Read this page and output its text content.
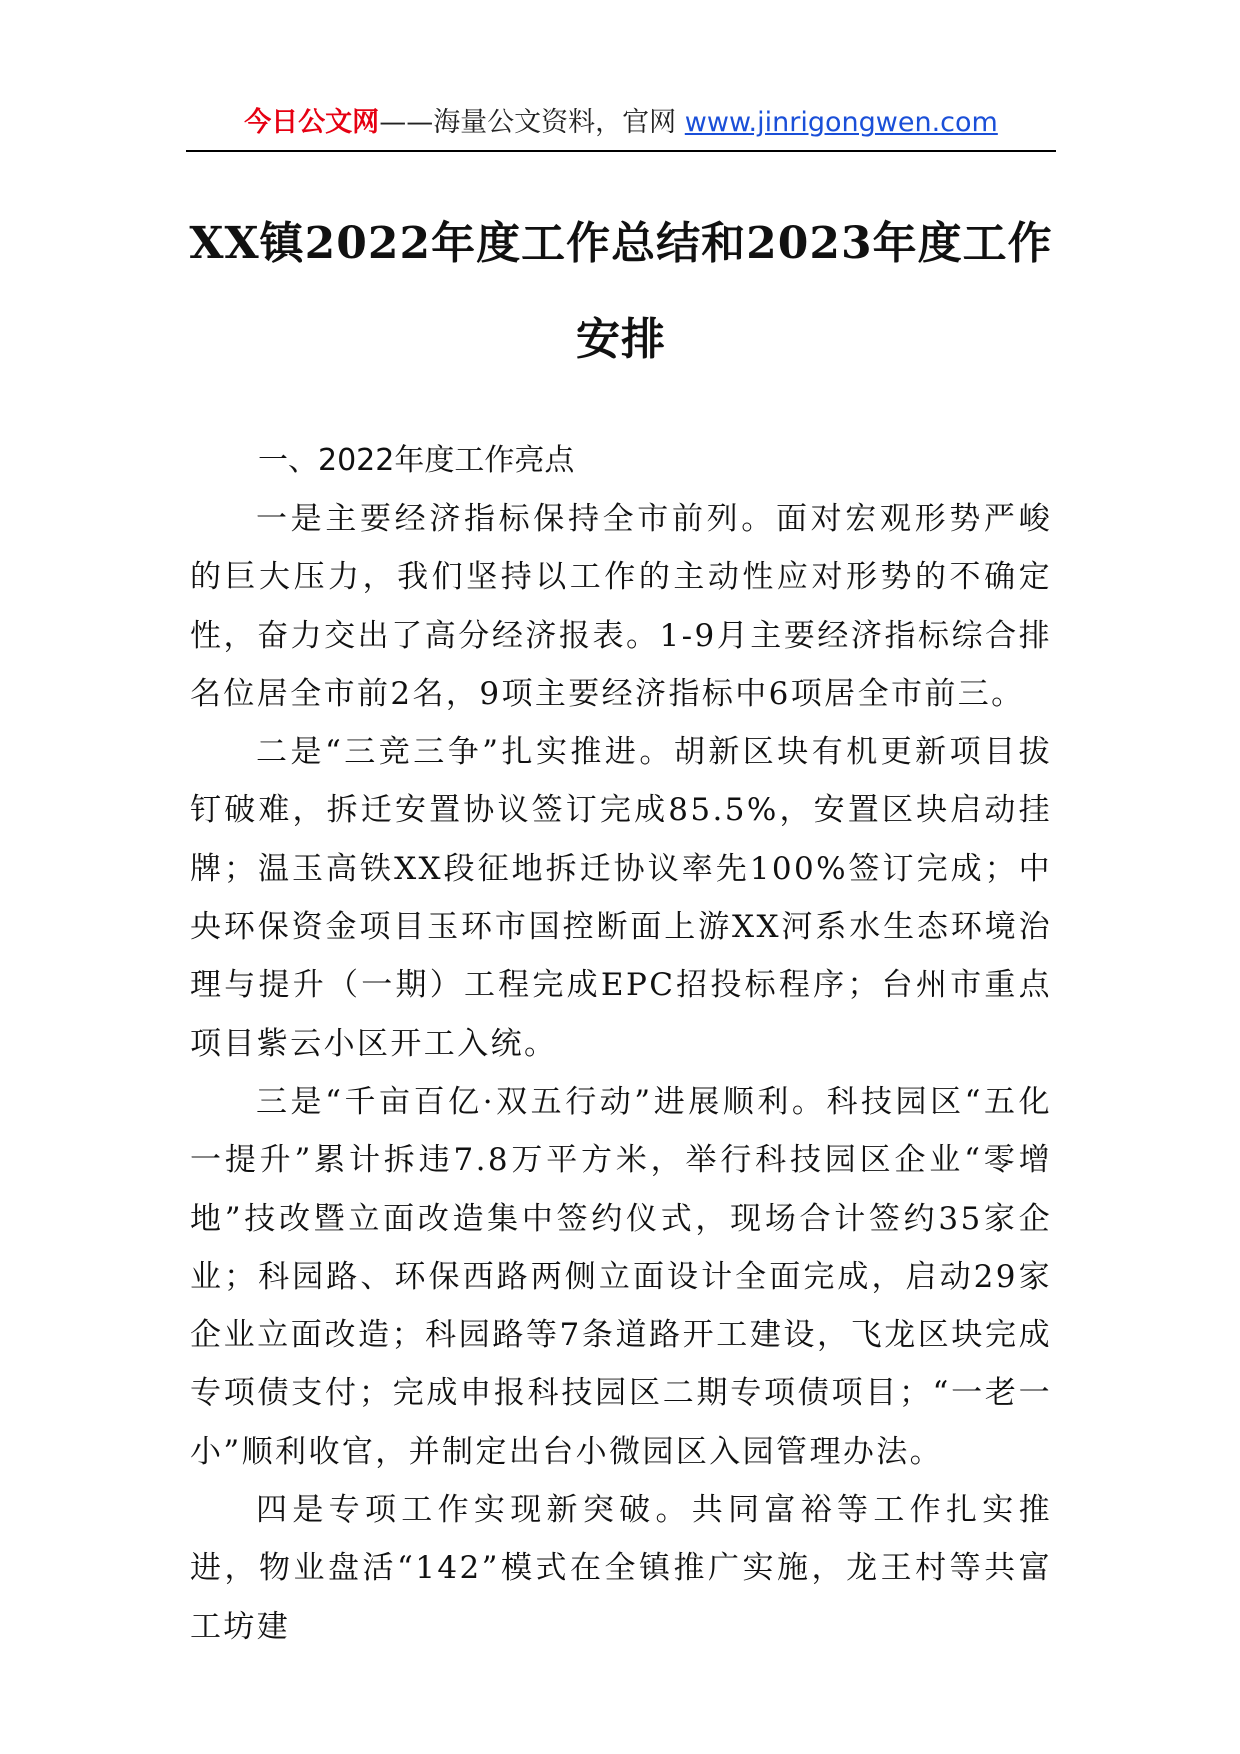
今日公文网——海量公文资料，官网 www.jinrigongwen.com
XX镇2022年度工作总结和2023年度工作安排
一、2022年度工作亮点

一是主要经济指标保持全市前列。面对宏观形势严峻的巨大压力，我们坚持以工作的主动性应对形势的不确定性，奋力交出了高分经济报表。1-9月主要经济指标综合排名位居全市前2名，9项主要经济指标中6项居全市前三。

二是“三竞三争”扎实推进。胡新区块有机更新项目拔钉破难，拆迁安置协议签订完成85.5%，安置区块启动挂牌；温玉高铁XX段征地拆迁协议率先100%签订完成；中央环保资金项目玉环市国控断面上游XX河系水生态环境治理与提升（一期）工程完成EPC招投标程序；台州市重点项目紫云小区开工入统。

三是“千亩百亿·双五行动”进展顺利。科技园区“五化一提升”累计拆违7.8万平方米，举行科技园区企业“零增地”技改暨立面改造集中签约仪式，现场合计签约35家企业；科园路、环保西路两侧立面设计全面完成，启动29家企业立面改造；科园路等7条道路开工建设，飞龙区块完成专项债支付；完成申报科技园区二期专项债项目；“一老一小”顺利收官，并制定出台小微园区入园管理办法。

四是专项工作实现新突破。共同富裕等工作扎实推进，物业盘活“142”模式在全镇推广实施，龙王村等共富工坊建
